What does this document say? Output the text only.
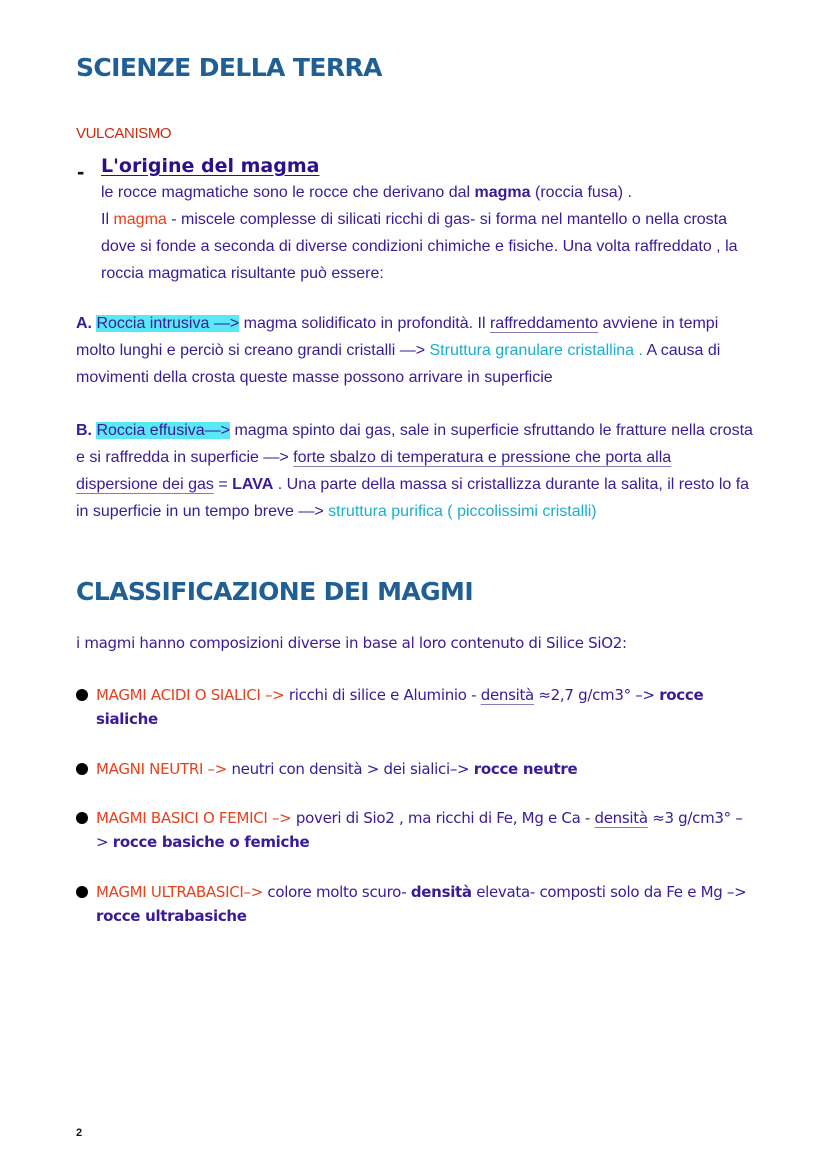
SCIENZE DELLA TERRA
VULCANISMO
- L'origine del magma
le rocce magmatiche sono le rocce che derivano dal magma (roccia fusa) .
Il magma - miscele complesse di silicati ricchi di gas- si forma nel mantello o nella crosta dove si fonde a seconda di diverse condizioni chimiche e fisiche. Una volta raffreddato , la roccia magmatica risultante può essere:
A. Roccia intrusiva —> magma solidificato in profondità. Il raffreddamento avviene in tempi molto lunghi e perciò si creano grandi cristalli —> Struttura granulare cristallina . A causa di movimenti della crosta queste masse possono arrivare in superficie
B. Roccia effusiva—> magma spinto dai gas, sale in superficie sfruttando le fratture nella crosta e si raffredda in superficie —> forte sbalzo di temperatura e pressione che porta alla dispersione dei gas = LAVA . Una parte della massa si cristallizza durante la salita, il resto lo fa in superficie in un tempo breve —> struttura purifica ( piccolissimi cristalli)
CLASSIFICAZIONE DEI MAGMI
i magmi hanno composizioni diverse in base al loro contenuto di Silice SiO2:
MAGMI ACIDI O SIALICI –> ricchi di silice e Aluminio - densità ≈2,7 g/cm3° –> rocce sialiche
MAGNI NEUTRI –> neutri con densità > dei sialici–> rocce neutre
MAGMI BASICI O FEMICI –> poveri di Sio2 , ma ricchi di Fe, Mg e Ca - densità ≈3 g/cm3° –> rocce basiche o femiche
MAGMI ULTRABASICI–> colore molto scuro- densità elevata- composti solo da Fe e Mg –> rocce ultrabasiche
2
